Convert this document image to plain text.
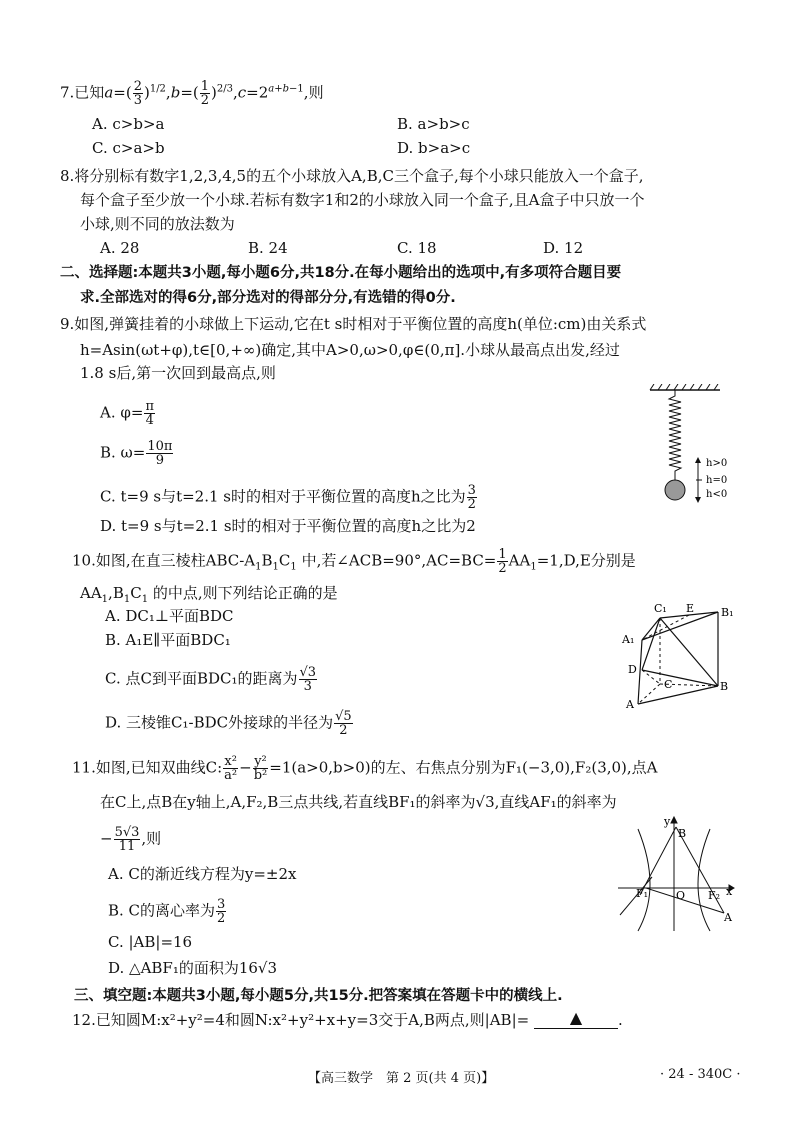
7.已知$a=( \frac{2}{3} )^{1/2},b=( \frac{1}{2} )^{2/3},c=2^{a+b-1}$,则
A. c>b>a	B. a>b>c
C. c>a>b	D. b>a>c
8.将分别标有数字1,2,3,4,5的五个小球放入A,B,C三个盒子,每个小球只能放入一个盒子,
每个盒子至少放一个小球.若标有数字1和2的小球放入同一个盒子,且A盒子中只放一个
小球,则不同的放法数为
A. 28	B. 24	C. 18	D. 12
二、选择题:本题共3小题,每小题6分,共18分.在每小题给出的选项中,有多项符合题目要
求.全部选对的得6分,部分选对的得部分分,有选错的得0分.
9.如图,弹簧挂着的小球做上下运动,它在t s时相对于平衡位置的高度h(单位:cm)由关系式
h=Asin(ωt+φ),t∈[0,+∞)确定,其中A>0,ω>0,φ∈(0,π].小球从最高点出发,经过
1.8 s后,第一次回到最高点,则
A. $\varphi= \frac{\pi}{4}$
B. $\omega= \frac{10\pi}{9}$
C. t=9 s与t=2.1 s时的相对于平衡位置的高度h之比为 $\frac{3}{2}$
D. t=9 s与t=2.1 s时的相对于平衡位置的高度h之比为2
h>0
h=0
h<0
10.如图,在直三棱柱ABC-$A_1B_1C_1$ 中,若∠ACB=90°,AC=BC= $\frac{1}{2} AA_1=1,D,E$分别是
$AA_1,B_1C_1$ 的中点,则下列结论正确的是
A. DC₁⊥平面BDC
B. A₁E∥平面BDC₁
C. 点C到平面BDC₁的距离为 $\frac{√3}{3}$
D. 三棱锥C₁-BDC外接球的半径为 $\frac{√5}{2}$
C₁ E B₁
A₁
D
C	B
A
11.如图,已知双曲线C: $\frac{\text{x²}}{\text{a²}} - \frac{\text{y²}}{\text{b²}} =1(a>0,b>0)$的左、右焦点分别为F₁(−3,0),F₂(3,0),点A
在C上,点B在y轴上,A,F₂,B三点共线,若直线BF₁的斜率为√3,直线AF₁的斜率为
− $\frac{5√3}{11}$ ,则
A. C的渐近线方程为y=±2x
B. C的离心率为 $\frac{3}{2}$
C. |AB|=16
D. △ABF₁的面积为16√3
y
B
F₁	O F₂ x
A
三、填空题:本题共3小题,每小题5分,共15分.把答案填在答题卡中的横线上.
12.已知圆M:x²+y²=4和圆N:x²+y²+x+y=3交于A,B两点,则|AB|=	▲ .
【高三数学　第 2 页(共 4 页)】	· 24 - 340C ·
